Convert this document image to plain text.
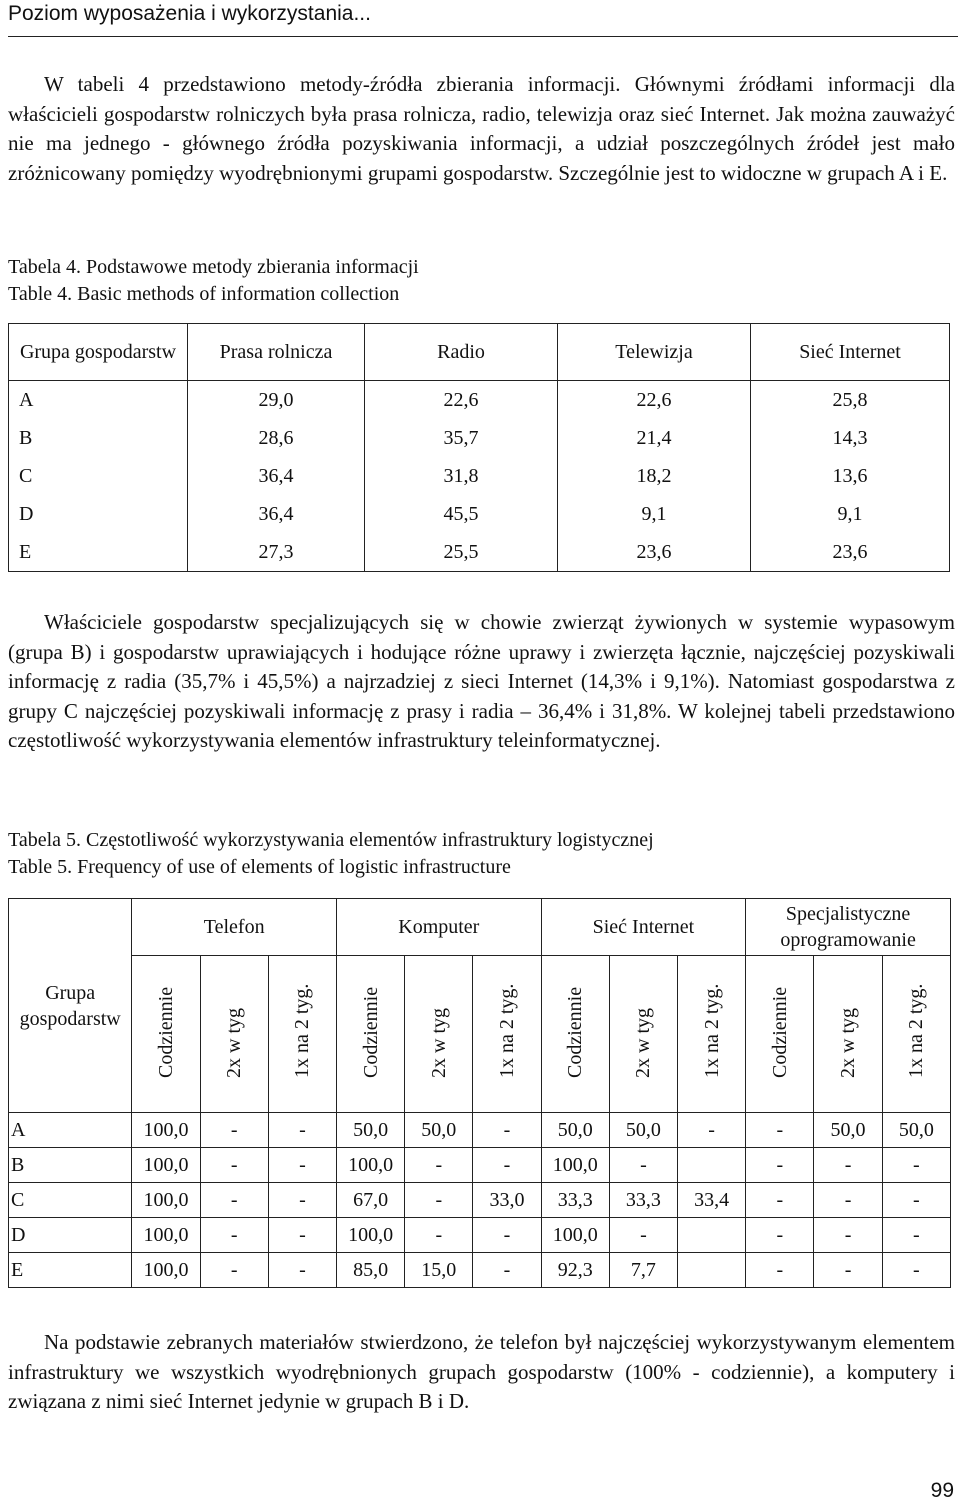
Poziom wyposażenia i wykorzystania...

W tabeli 4 przedstawiono metody-źródła zbierania informacji. Głównymi źródłami informacji dla właścicieli gospodarstw rolniczych była prasa rolnicza, radio, telewizja oraz sieć Internet. Jak można zauważyć nie ma jednego - głównego źródła pozyskiwania informacji, a udział poszczególnych źródeł jest mało zróżnicowany pomiędzy wyodrębnionymi grupami gospodarstw. Szczególnie jest to widoczne w grupach A i E.

Tabela 4. Podstawowe metody zbierania informacji
Table 4. Basic methods of information collection
Grupa gospodarstw	Prasa rolnicza	Radio	Telewizja	Sieć Internet
A	29,0	22,6	22,6	25,8
B	28,6	35,7	21,4	14,3
C	36,4	31,8	18,2	13,6
D	36,4	45,5	9,1	9,1
E	27,3	25,5	23,6	23,6

Właściciele gospodarstw specjalizujących się w chowie zwierząt żywionych w systemie wypasowym (grupa B) i gospodarstw uprawiających i hodujące różne uprawy i zwierzęta łącznie, najczęściej pozyskiwali informację z radia (35,7% i 45,5%) a najrzadziej z sieci Internet (14,3% i 9,1%). Natomiast gospodarstwa z grupy C najczęściej pozyskiwali informację z prasy i radia – 36,4% i 31,8%. W kolejnej tabeli przedstawiono częstotliwość wykorzystywania elementów infrastruktury teleinformatycznej.

Tabela 5. Częstotliwość wykorzystywania elementów infrastruktury logistycznej
Table 5. Frequency of use of elements of logistic infrastructure
Grupa gospodarstw	Telefon			Komputer			Sieć Internet			Specjalistyczne oprogramowanie		

	Codziennie	2x w tyg	1x na 2 tyg.	Codziennie	2x w tyg	1x na 2 tyg.	Codziennie	2x w tyg	1x na 2 tyg.	Codziennie	2x w tyg	1x na 2 tyg.

A	100,0	-	-	50,0	50,0	-	50,0	50,0	-	-	50,0	50,0
B	100,0	-	-	100,0	-	-	100,0	-		-	-	-
C	100,0	-	-	67,0	-	33,0	33,3	33,3	33,4	-	-	-
D	100,0	-	-	100,0	-	-	100,0	-		-	-	-
E	100,0	-	-	85,0	15,0	-	92,3	7,7		-	-	-

Na podstawie zebranych materiałów stwierdzono, że telefon był najczęściej wykorzystywanym elementem infrastruktury we wszystkich wyodrębnionych grupach gospodarstw (100% - codziennie), a komputery i związana z nimi sieć Internet jedynie w grupach B i D.

99
